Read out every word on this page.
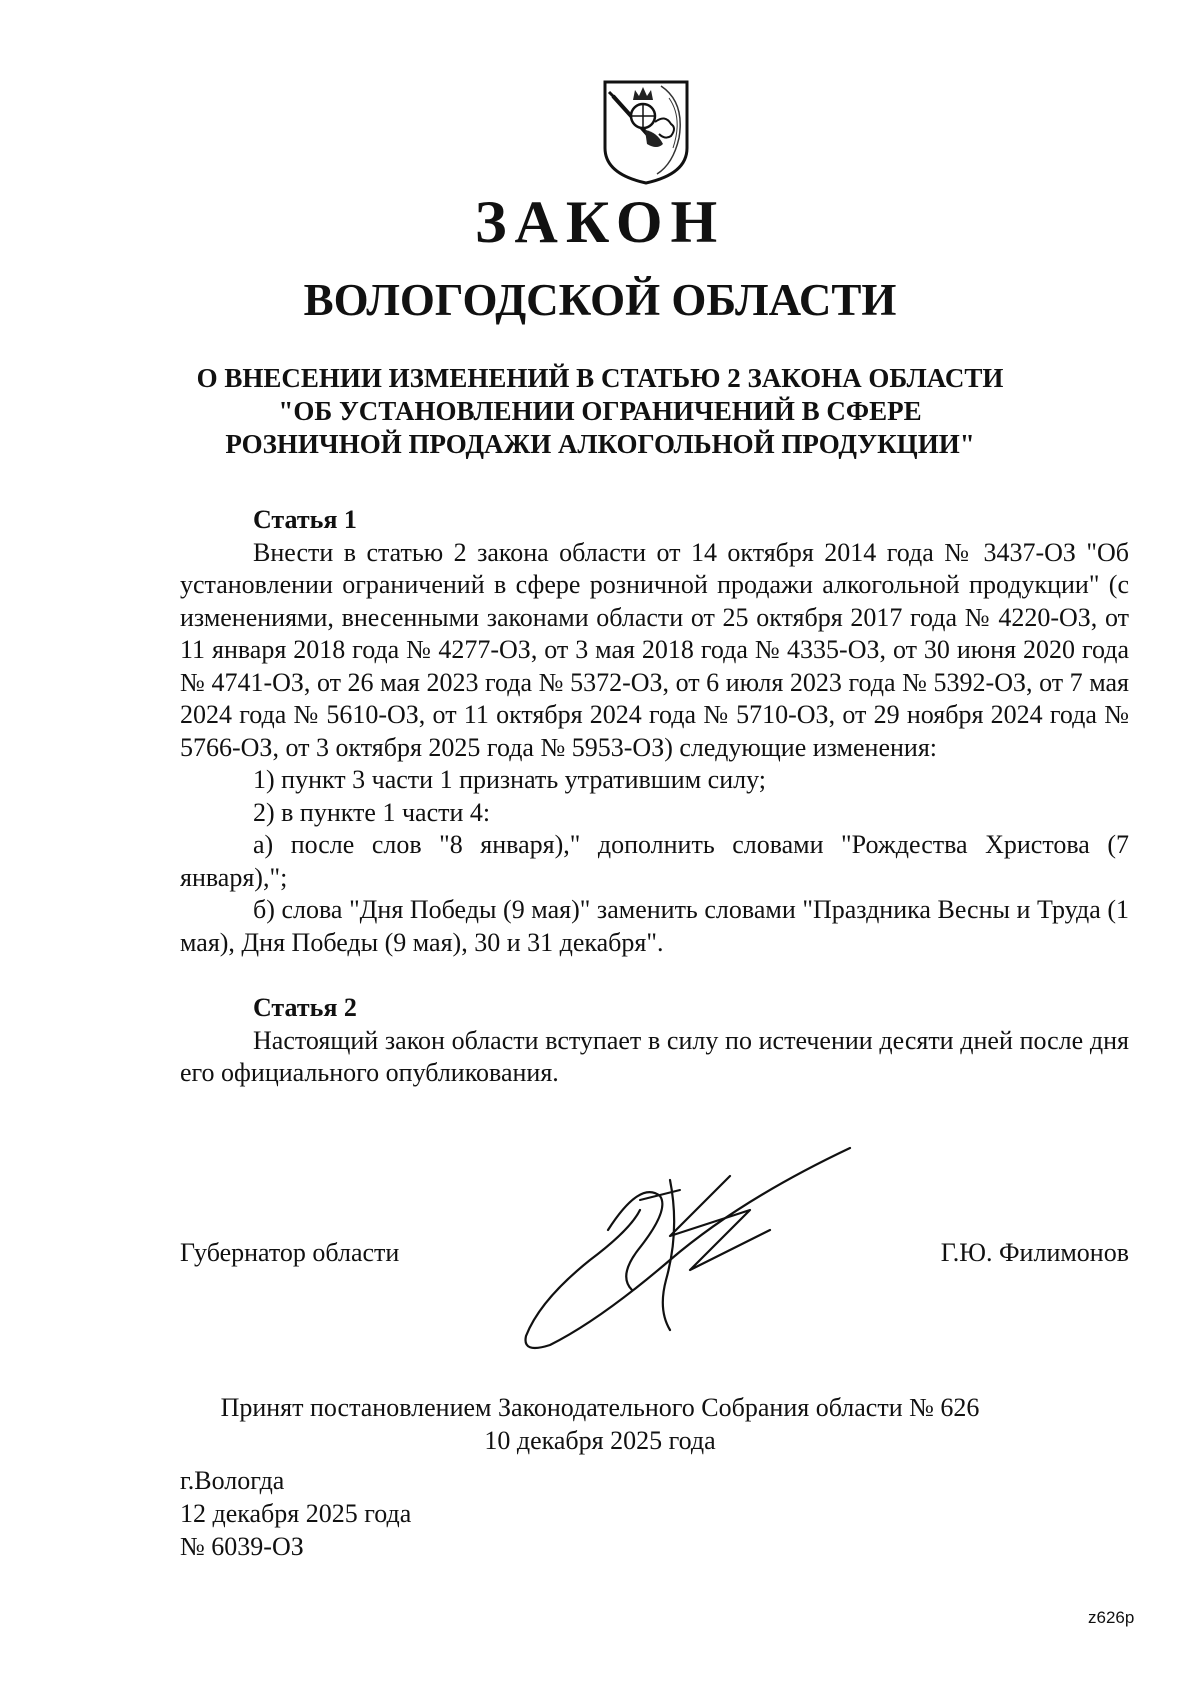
ЗАКОН
ВОЛОГОДСКОЙ ОБЛАСТИ
О ВНЕСЕНИИ ИЗМЕНЕНИЙ В СТАТЬЮ 2 ЗАКОНА ОБЛАСТИ
"ОБ УСТАНОВЛЕНИИ ОГРАНИЧЕНИЙ В СФЕРЕ
РОЗНИЧНОЙ ПРОДАЖИ АЛКОГОЛЬНОЙ ПРОДУКЦИИ"
Статья 1

Внести в статью 2 закона области от 14 октября 2014 года № 3437-ОЗ "Об установлении ограничений в сфере розничной продажи алкогольной продукции" (с изменениями, внесенными законами области от 25 октября 2017 года № 4220-ОЗ, от 11 января 2018 года № 4277-ОЗ, от 3 мая 2018 года № 4335-ОЗ, от 30 июня 2020 года № 4741-ОЗ, от 26 мая 2023 года № 5372-ОЗ, от 6 июля 2023 года № 5392-ОЗ, от 7 мая 2024 года № 5610-ОЗ, от 11 октября 2024 года № 5710-ОЗ, от 29 ноября 2024 года № 5766-ОЗ, от 3 октября 2025 года № 5953-ОЗ) следующие изменения:

1) пункт 3 части 1 признать утратившим силу;

2) в пункте 1 части 4:

а) после слов "8 января)," дополнить словами "Рождества Христова (7 января),";

б) слова "Дня Победы (9 мая)" заменить словами "Праздника Весны и Труда (1 мая), Дня Победы (9 мая), 30 и 31 декабря".

Статья 2

Настоящий закон области вступает в силу по истечении десяти дней после дня его официального опубликования.

Губернатор области	Г.Ю. Филимонов
Принят постановлением Законодательного Собрания области № 626
10 декабря 2025 года
г.Вологда
12 декабря 2025 года
№ 6039-ОЗ
z626p
